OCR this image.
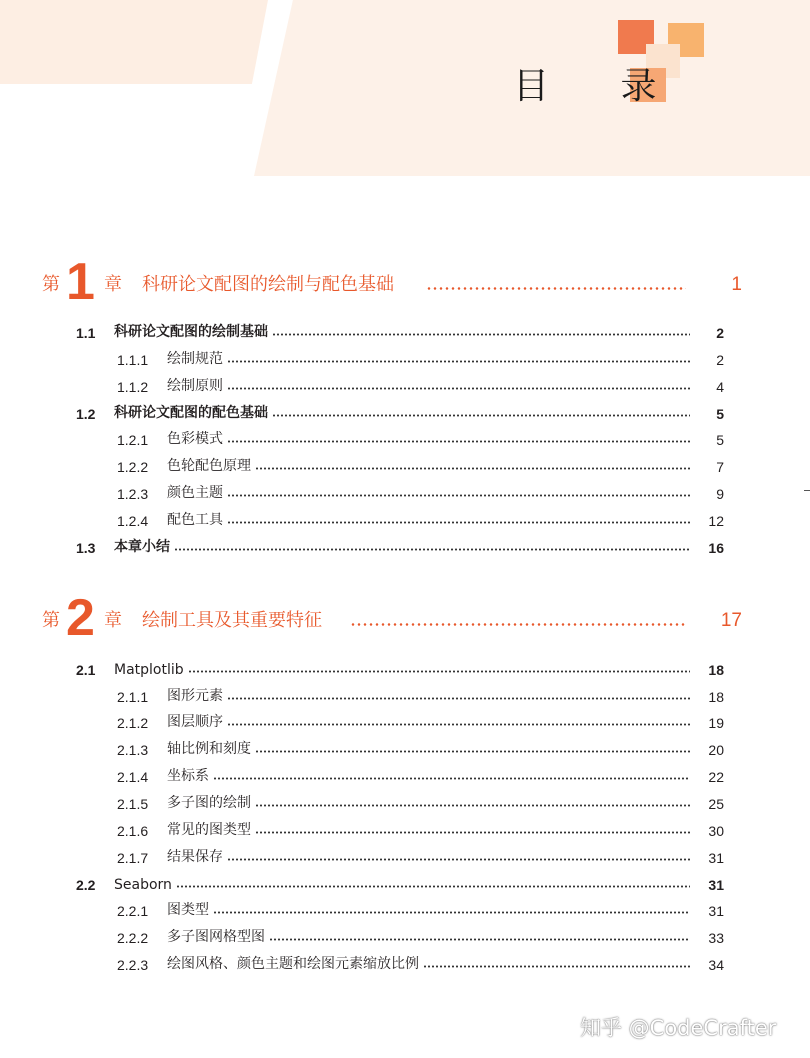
目 录
第 1 章 科研论文配图的绘制与配色基础	1
1.1	科研论文配图的绘制基础	2
1.1.1	绘制规范	2
1.1.2	绘制原则	4
1.2	科研论文配图的配色基础	5
1.2.1	色彩模式	5
1.2.2	色轮配色原理	7
1.2.3	颜色主题	9
1.2.4	配色工具	12
1.3	本章小结	16
第 2 章 绘制工具及其重要特征	17
2.1	Matplotlib	18
2.1.1	图形元素	18
2.1.2	图层顺序	19
2.1.3	轴比例和刻度	20
2.1.4	坐标系	22
2.1.5	多子图的绘制	25
2.1.6	常见的图类型	30
2.1.7	结果保存	31
2.2	Seaborn	31
2.2.1	图类型	31
2.2.2	多子图网格型图	33
2.2.3	绘图风格、颜色主题和绘图元素缩放比例	34
知乎 @CodeCrafter
